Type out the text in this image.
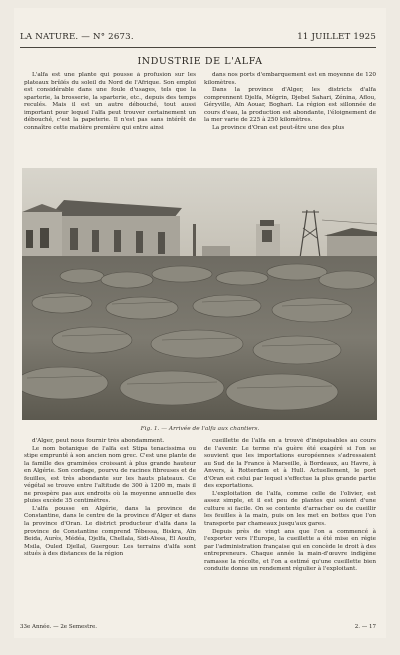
LA NATURE. — N° 2673.	11 JUILLET 1925
INDUSTRIE DE L'ALFA

L'alfa est une plante qui pousse à profusion sur les plateaux brûlés du soleil du Nord de l'Afrique. Son emploi est considérable dans une foule d'usages, tels que la sparterie, la brosserie, la sparterie, etc., depuis des temps reculés. Mais il est un autre débouché, tout aussi important pour lequel l'alfa peut trouver certainement un débouché, c'est la papeterie. Il n'est pas sans intérêt de connaître cette matière première qui entre ainsi

dans nos ports d'embarquement est en moyenne de 120 kilomètres.

Dans la province d'Alger, les districts d'alfa comprennent Djelfa, Mégrin, Djebel Sahari, Zénina, Aflou, Géryville, Aïn Aouar, Boghari. La région est sillonnée de cours d'eau, la production est abondante, l'éloignement de la mer varie de 225 à 250 kilomètres.

La province d'Oran est peut-être une des plus

Fig. 1. — Arrivée de l'alfa aux chantiers.

d'Alger, peut nous fournir très abondamment.

Le nom botanique de l'alfa est Stipa tenacissima ou stipe emprunté à son ancien nom grec. C'est une plante de la famille des graminées croissant à plus grande hauteur en Algérie. Son cordage, pourvu de racines fibreuses et de feuilles, est très abondante sur les hauts plateaux. Ce végétal se trouve entre l'altitude de 300 à 1200 m, mais il ne prospère pas aux endroits où la moyenne annuelle des pluies excède 35 centimètres.

L'alfa pousse en Algérie, dans la province de Constantine, dans le centre de la province d'Alger et dans la province d'Oran. Le district producteur d'alfa dans la province de Constantine comprend Tébessa, Biskra, Aïn Beida, Aurès, Médéa, Djelfa, Chellala, Sidi-Aïssa, El Aouïn, Msila, Ouled Djellal, Guergour. Les terrains d'alfa sont situés à des distances de la région

cueillette de l'alfa en a trouvé d'inépuisables au cours de l'avenir. Le terme n'a guère été exagéré si l'on se souvient que les importations européennes s'adressaient au Sud de la France à Marseille, à Bordeaux, au Havre, à Anvers, à Rotterdam et à Hull. Actuellement, le port d'Oran est celui par lequel s'effectue la plus grande partie des exportations.

L'exploitation de l'alfa, comme celle de l'olivier, est assez simple, et il est peu de plantes qui soient d'une culture si facile. On se contente d'arracher ou de cueillir les feuilles à la main, puis on les met en bottes que l'on transporte par chameaux jusqu'aux gares.

Depuis près de vingt ans que l'on a commencé à l'exporter vers l'Europe, la cueillette a été mise en régie par l'administration française qui en concède le droit à des entrepreneurs. Chaque année la main-d'œuvre indigène ramasse la récolte, et l'on a estimé qu'une cueillette bien conduite donne un rendement régulier à l'exploitant.

33e Année. — 2e Semestre.	2. — 17
